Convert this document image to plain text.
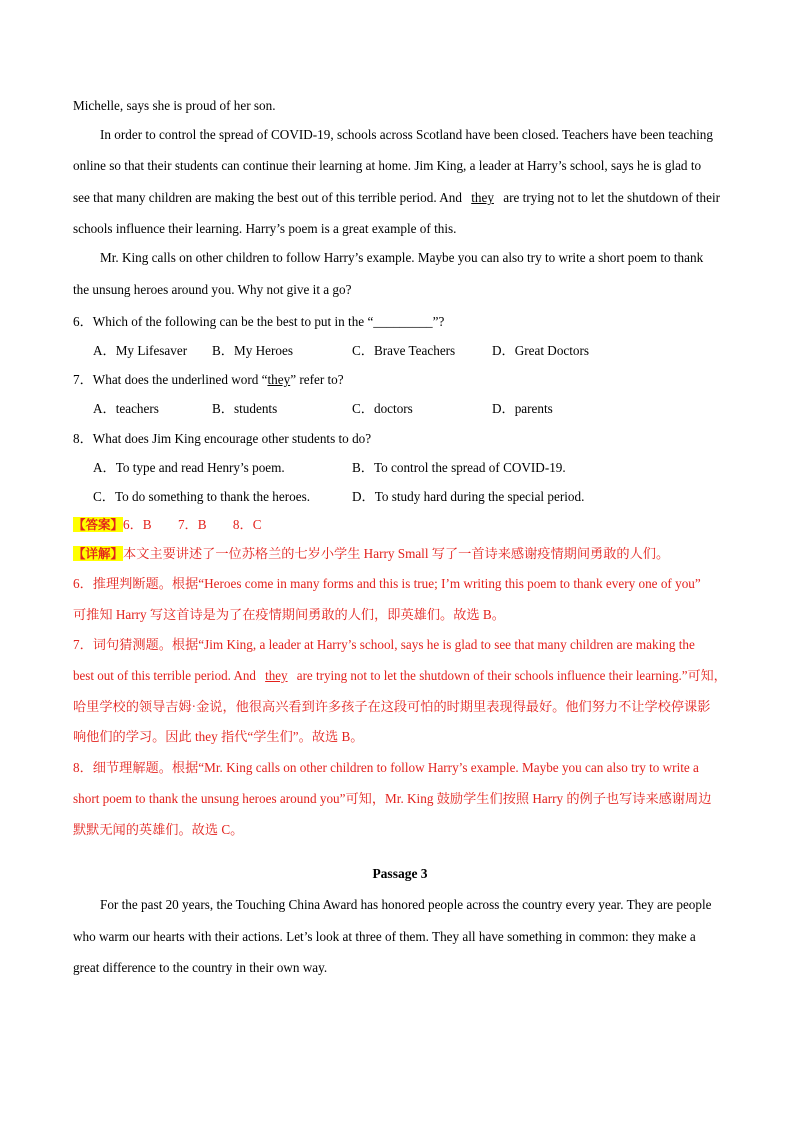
Michelle, says she is proud of her son.
In order to control the spread of COVID-19, schools across Scotland have been closed. Teachers have been teaching
online so that their students can continue their learning at home. Jim King, a leader at Harry’s school, says he is glad to
see that many children are making the best out of this terrible period. And they are trying not to let the shutdown of their
schools influence their learning. Harry’s poem is a great example of this.
Mr. King calls on other children to follow Harry’s example. Maybe you can also try to write a short poem to thank
the unsung heroes around you. Why not give it a go?
6．Which of the following can be the best to put in the “_________”?
A．My Lifesaver B．My Heroes	C．Brave Teachers	D．Great Doctors
7．What does the underlined word “they” refer to?
A．teachers	B．students	C．doctors	D．parents
8．What does Jim King encourage other students to do?
A．To type and read Henry’s poem.	B．To control the spread of COVID-19.
C．To do something to thank the heroes.	D．To study hard during the special period.
【答案】6．B　　7．B　　8．C
【详解】本文主要讲述了一位苏格兰的七岁小学生 Harry Small 写了一首诗来感谢疫情期间勇敢的人们。
6．推理判断题。根据“Heroes come in many forms and this is true; I’m writing this poem to thank every one of you”
可推知 Harry 写这首诗是为了在疫情期间勇敢的人们，即英雄们。故选 B。
7．词句猜测题。根据“Jim King, a leader at Harry’s school, says he is glad to see that many children are making the
best out of this terrible period. And they are trying not to let the shutdown of their schools influence their learning.”可知，
哈里学校的领导吉姆·金说，他很高兴看到许多孩子在这段可怕的时期里表现得最好。他们努力不让学校停课影
响他们的学习。因此 they 指代“学生们”。故选 B。
8．细节理解题。根据“Mr. King calls on other children to follow Harry’s example. Maybe you can also try to write a
short poem to thank the unsung heroes around you”可知，Mr. King 鼓励学生们按照 Harry 的例子也写诗来感谢周边
默默无闻的英雄们。故选 C。
Passage 3
For the past 20 years, the Touching China Award has honored people across the country every year. They are people
who warm our hearts with their actions. Let’s look at three of them. They all have something in common: they make a
great difference to the country in their own way.
